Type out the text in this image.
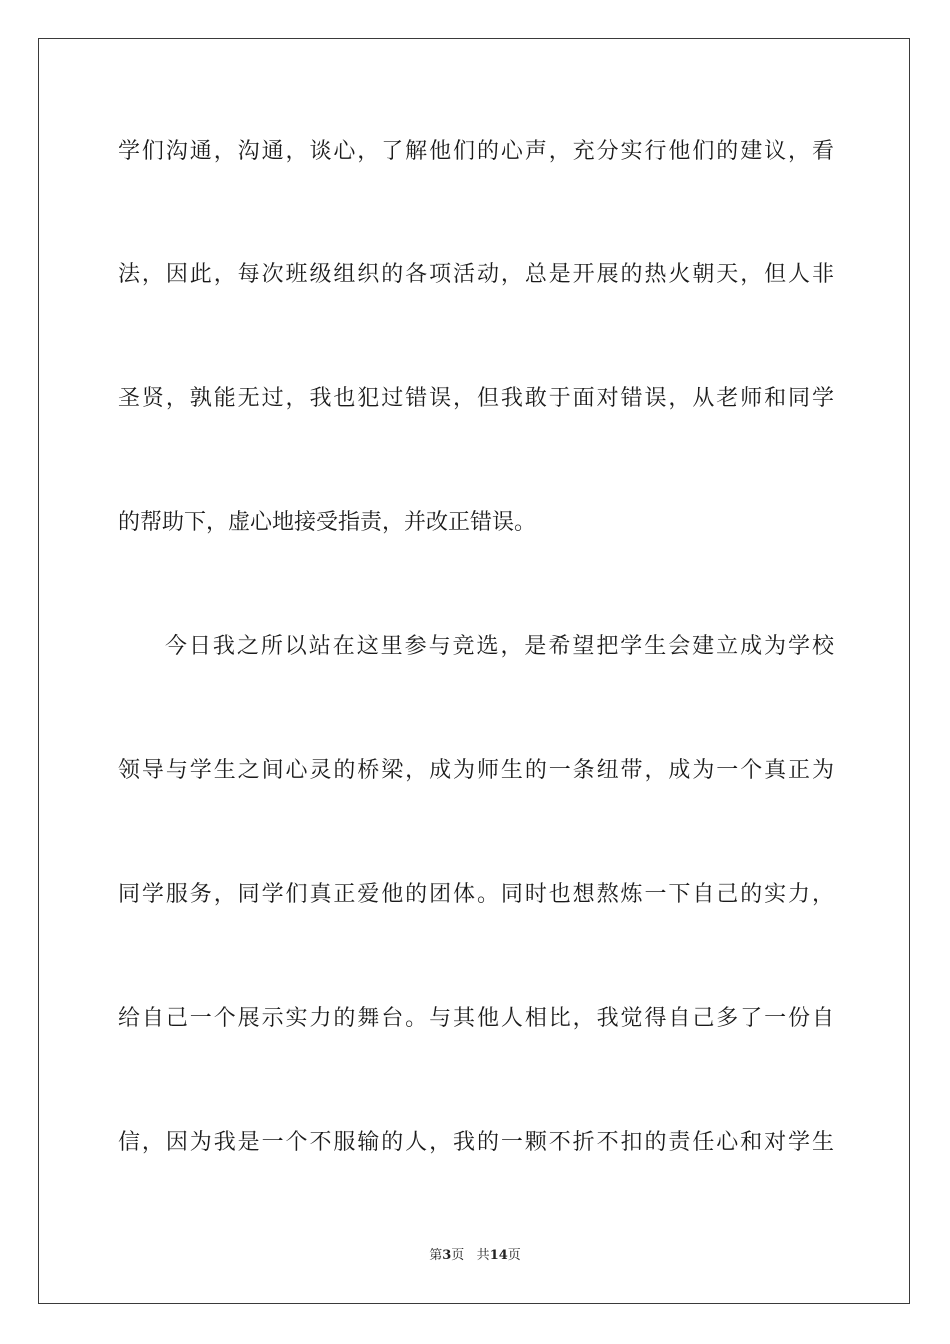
学们沟通，沟通，谈心，了解他们的心声，充分实行他们的建议，看
法，因此，每次班级组织的各项活动，总是开展的热火朝天，但人非
圣贤，孰能无过，我也犯过错误，但我敢于面对错误，从老师和同学
的帮助下，虚心地接受指责，并改正错误。
今日我之所以站在这里参与竞选，是希望把学生会建立成为学校
领导与学生之间心灵的桥梁，成为师生的一条纽带，成为一个真正为
同学服务，同学们真正爱他的团体。同时也想熬炼一下自己的实力，
给自己一个展示实力的舞台。与其他人相比，我觉得自己多了一份自
信，因为我是一个不服输的人，我的一颗不折不扣的责任心和对学生
第3页 共14页
